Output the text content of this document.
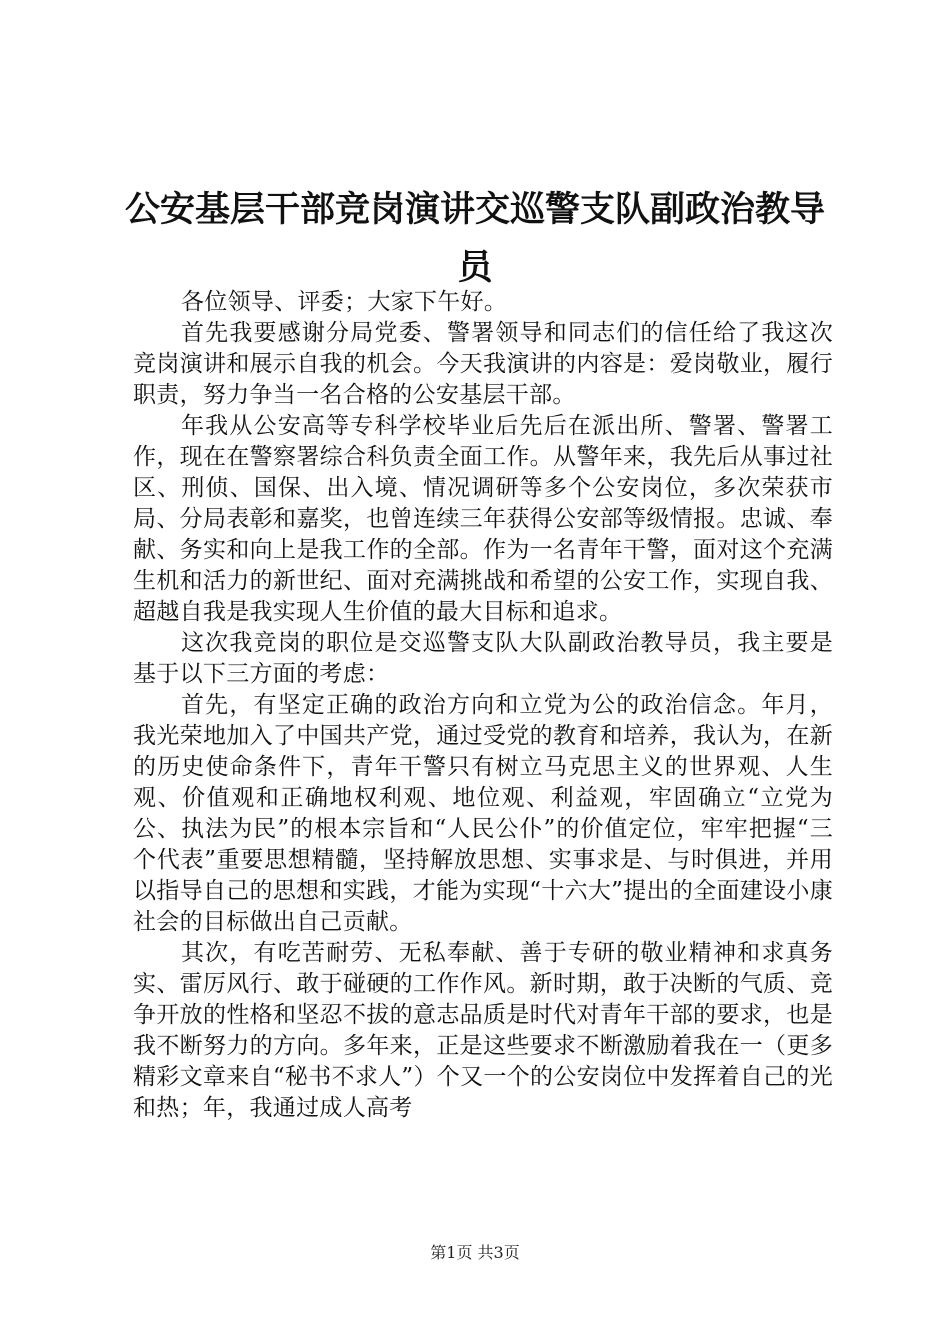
公安基层干部竞岗演讲交巡警支队副政治教导
员

各位领导、评委；大家下午好。

首先我要感谢分局党委、警署领导和同志们的信任给了我这次竞岗演讲和展示自我的机会。今天我演讲的内容是：爱岗敬业，履行职责，努力争当一名合格的公安基层干部。

年我从公安高等专科学校毕业后先后在派出所、警署、警署工作，现在在警察署综合科负责全面工作。从警年来，我先后从事过社区、刑侦、国保、出入境、情况调研等多个公安岗位，多次荣获市局、分局表彰和嘉奖，也曾连续三年获得公安部等级情报。忠诚、奉献、务实和向上是我工作的全部。作为一名青年干警，面对这个充满生机和活力的新世纪、面对充满挑战和希望的公安工作，实现自我、超越自我是我实现人生价值的最大目标和追求。

这次我竞岗的职位是交巡警支队大队副政治教导员，我主要是基于以下三方面的考虑：

首先，有坚定正确的政治方向和立党为公的政治信念。年月，我光荣地加入了中国共产党，通过受党的教育和培养，我认为，在新的历史使命条件下，青年干警只有树立马克思主义的世界观、人生观、价值观和正确地权利观、地位观、利益观，牢固确立“立党为公、执法为民”的根本宗旨和“人民公仆”的价值定位，牢牢把握“三个代表”重要思想精髓，坚持解放思想、实事求是、与时俱进，并用以指导自己的思想和实践，才能为实现“十六大”提出的全面建设小康社会的目标做出自己贡献。

其次，有吃苦耐劳、无私奉献、善于专研的敬业精神和求真务实、雷厉风行、敢于碰硬的工作作风。新时期，敢于决断的气质、竞争开放的性格和坚忍不拔的意志品质是时代对青年干部的要求，也是我不断努力的方向。多年来，正是这些要求不断激励着我在一（更多精彩文章来自“秘书不求人”）个又一个的公安岗位中发挥着自己的光和热；年，我通过成人高考

第1页 共3页
